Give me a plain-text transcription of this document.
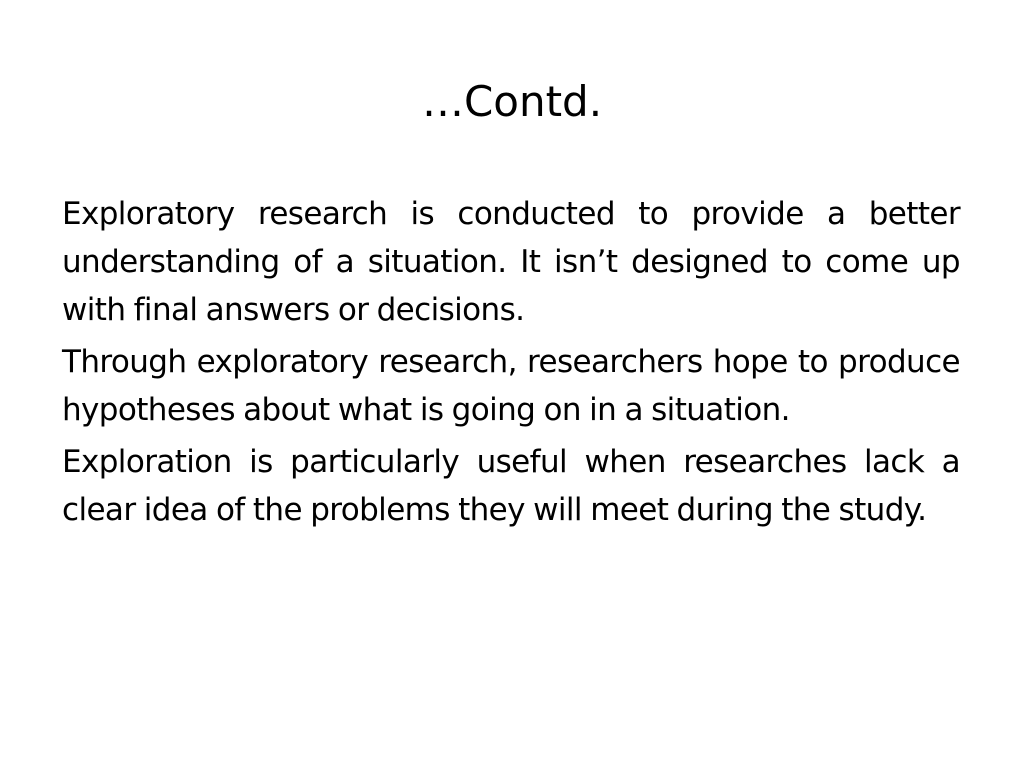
…Contd.

Exploratory research is conducted to provide a better understanding of a situation. It isn’t designed to come up with final answers or decisions.

Through exploratory research, researchers hope to produce hypotheses about what is going on in a situation.

Exploration is particularly useful when researches lack a clear idea of the problems they will meet during the study.
